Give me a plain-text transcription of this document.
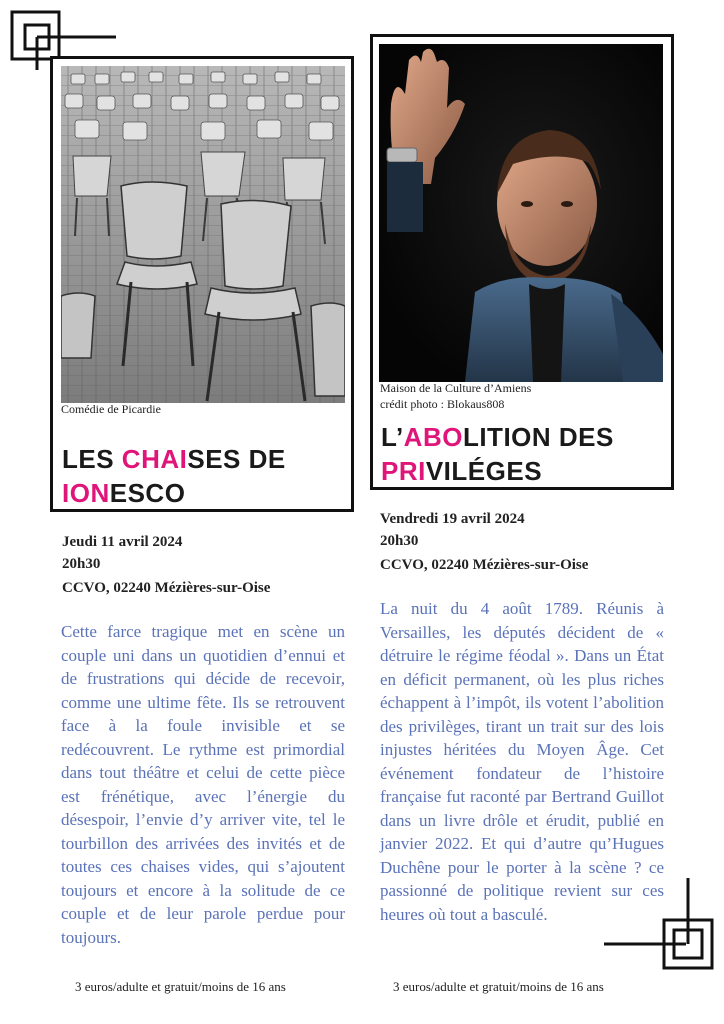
Comédie de Picardie
LES CHAISES DE
IONESCO
Jeudi 11 avril 2024
20h30
CCVO, 02240 Mézières-sur-Oise

Cette farce tragique met en scène un couple uni dans un quotidien d’ennui et de frustrations qui décide de recevoir, comme une ultime fête. Ils se retrouvent face à la foule invisible et se redécouvrent. Le rythme est primordial dans tout théâtre et celui de cette pièce est frénétique, avec l’énergie du désespoir, l’envie d’y arriver vite, tel le tourbillon des arrivées des invités et de toutes ces chaises vides, qui s’ajoutent toujours et encore à la solitude de ce couple et de leur parole perdue pour toujours.

3 euros/adulte et gratuit/moins de 16 ans
Maison de la Culture d’Amiens
crédit photo : Blokaus808
L’ABOLITION DES
PRIVILÉGES
Vendredi 19 avril 2024
20h30
CCVO, 02240 Mézières-sur-Oise

La nuit du 4 août 1789. Réunis à Versailles, les députés décident de « détruire le régime féodal ». Dans un État en déficit permanent, où les plus riches échappent à l’impôt, ils votent l’abolition des privilèges, tirant un trait sur des lois injustes héritées du Moyen Âge. Cet événement fondateur de l’histoire française fut raconté par Bertrand Guillot dans un livre drôle et érudit, publié en janvier 2022. Et qui d’autre qu’Hugues Duchêne pour le porter à la scène ? ce passionné de politique revient sur ces heures où tout a basculé.

3 euros/adulte et gratuit/moins de 16 ans
